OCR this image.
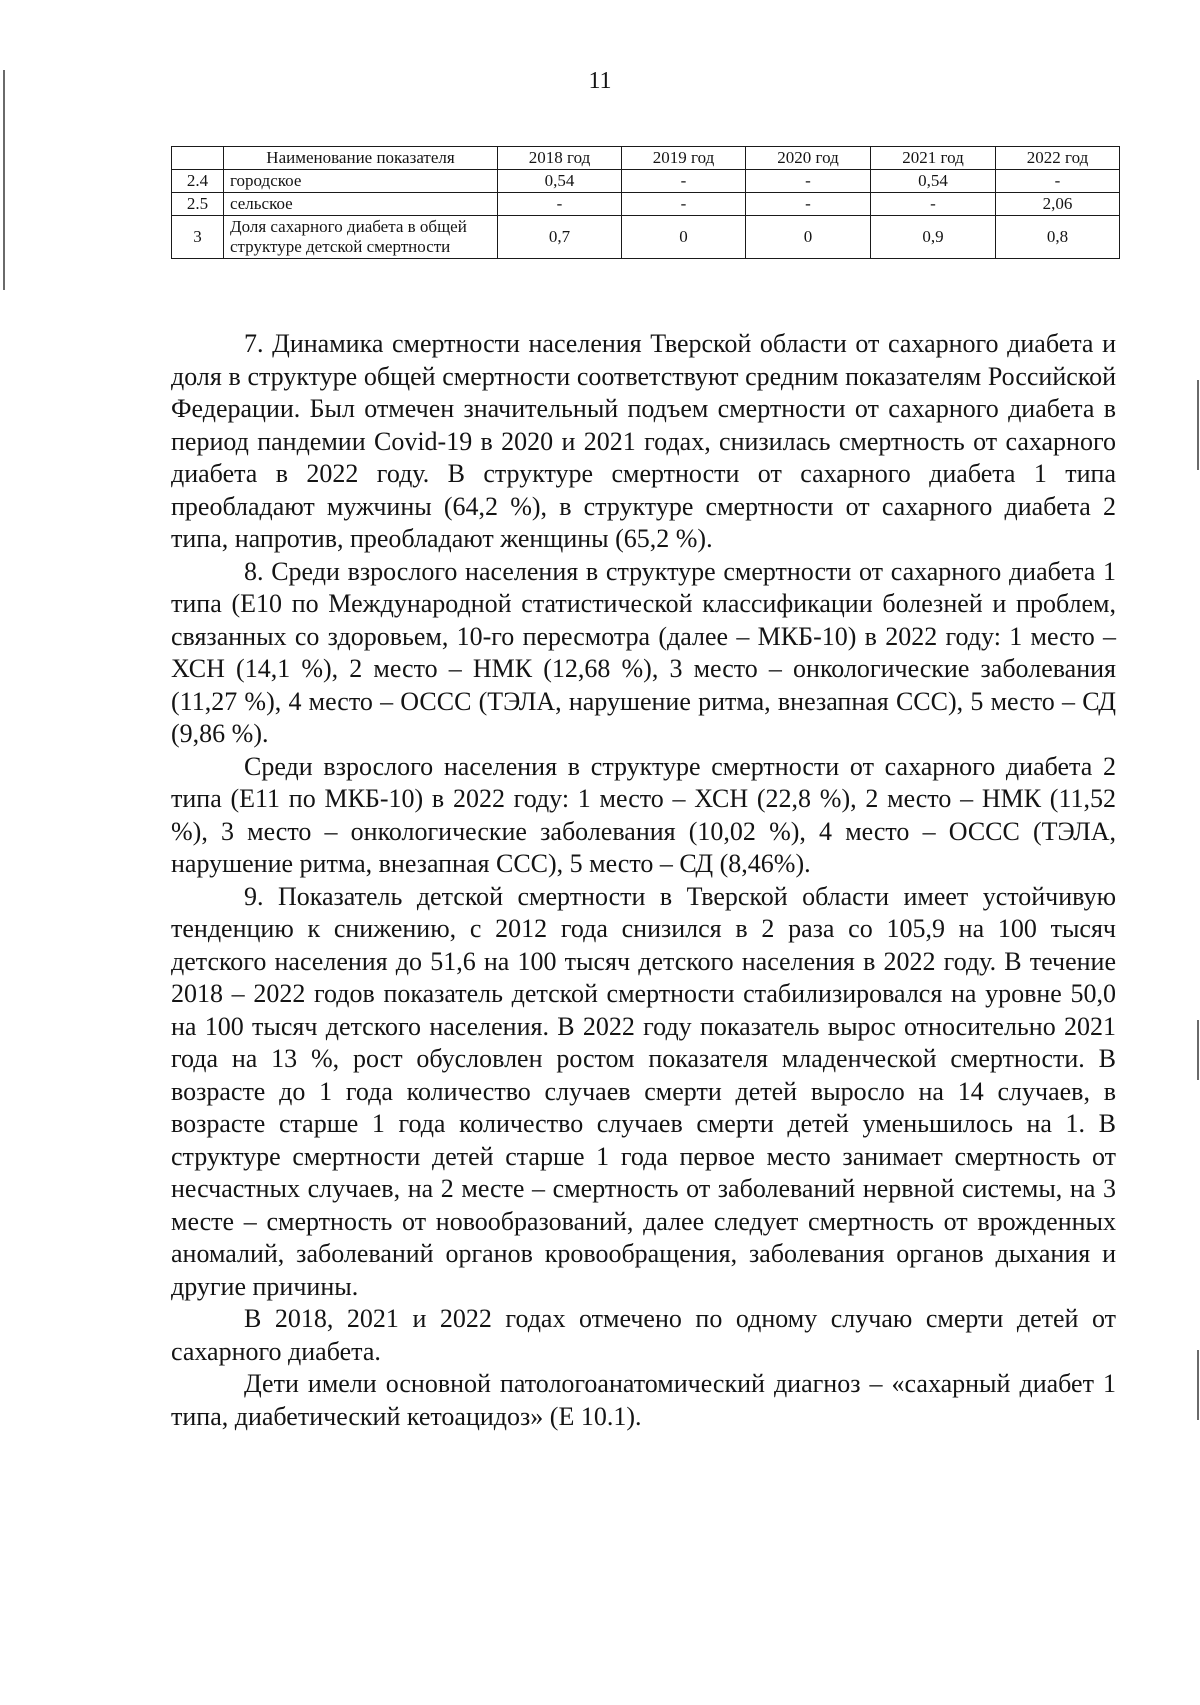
11
	Наименование показателя	2018 год	2019 год	2020 год	2021 год	2022 год
2.4	городское	0,54	-	-	0,54	-
2.5	сельское	-	-	-	-	2,06
3	Доля сахарного диабета в общей структуре детской смертности	0,7	0	0	0,9	0,8

7. Динамика смертности населения Тверской области от сахарного диабета и доля в структуре общей смертности соответствуют средним показателям Российской Федерации. Был отмечен значительный подъем смертности от сахарного диабета в период пандемии Covid-19 в 2020 и 2021 годах, снизилась смертность от сахарного диабета в 2022 году. В структуре смертности от сахарного диабета 1 типа преобладают мужчины (64,2 %), в структуре смертности от сахарного диабета 2 типа, напротив, преобладают женщины (65,2 %).

8. Среди взрослого населения в структуре смертности от сахарного диабета 1 типа (E10 по Международной статистической классификации болезней и проблем, связанных со здоровьем, 10-го пересмотра (далее – МКБ-10) в 2022 году: 1 место – ХСН (14,1 %), 2 место – НМК (12,68 %), 3 место – онкологические заболевания (11,27 %), 4 место – ОССС (ТЭЛА, нарушение ритма, внезапная ССС), 5 место – СД (9,86 %).

Среди взрослого населения в структуре смертности от сахарного диабета 2 типа (E11 по МКБ-10) в 2022 году: 1 место – ХСН (22,8 %), 2 место – НМК (11,52 %), 3 место – онкологические заболевания (10,02 %), 4 место – ОССС (ТЭЛА, нарушение ритма, внезапная ССС), 5 место – СД (8,46%).

9. Показатель детской смертности в Тверской области имеет устойчивую тенденцию к снижению, с 2012 года снизился в 2 раза со 105,9 на 100 тысяч детского населения до 51,6 на 100 тысяч детского населения в 2022 году. В течение 2018 – 2022 годов показатель детской смертности стабилизировался на уровне 50,0 на 100 тысяч детского населения. В 2022 году показатель вырос относительно 2021 года на 13 %, рост обусловлен ростом показателя младенческой смертности. В возрасте до 1 года количество случаев смерти детей выросло на 14 случаев, в возрасте старше 1 года количество случаев смерти детей уменьшилось на 1. В структуре смертности детей старше 1 года первое место занимает смертность от несчастных случаев, на 2 месте – смертность от заболеваний нервной системы, на 3 месте – смертность от новообразований, далее следует смертность от врожденных аномалий, заболеваний органов кровообращения, заболевания органов дыхания и другие причины.

В 2018, 2021 и 2022 годах отмечено по одному случаю смерти детей от сахарного диабета.

Дети имели основной патологоанатомический диагноз – «сахарный диабет 1 типа, диабетический кетоацидоз» (E 10.1).
